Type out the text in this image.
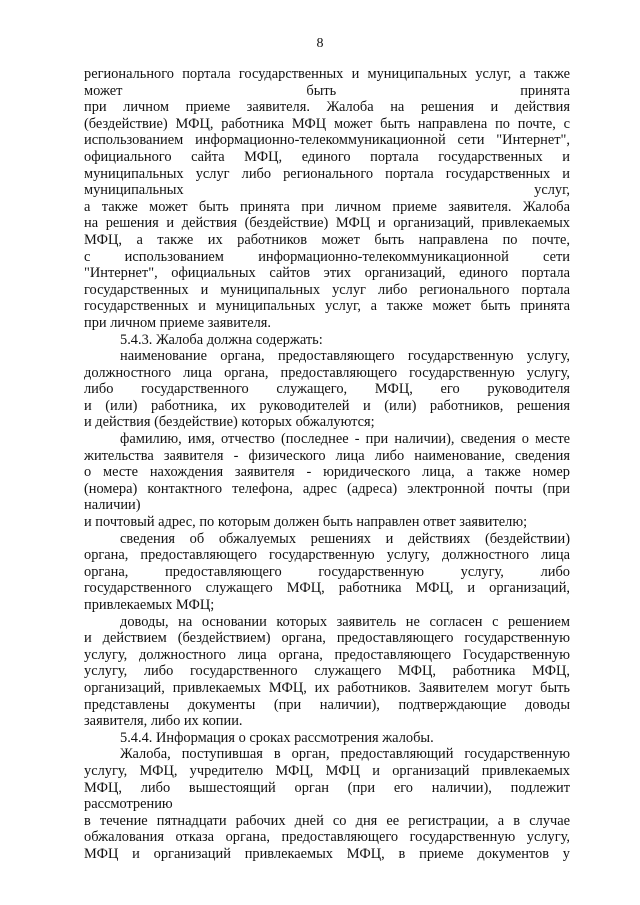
8
регионального портала государственных и муниципальных услуг, а также
может быть принята
при личном приеме заявителя. Жалоба на решения и действия
(бездействие) МФЦ, работника МФЦ может быть направлена по почте, с
использованием информационно-телекоммуникационной сети "Интернет",
официального сайта МФЦ, единого портала государственных и
муниципальных услуг либо регионального портала государственных и
муниципальных услуг,
а также может быть принята при личном приеме заявителя. Жалоба
на решения и действия (бездействие) МФЦ и организаций, привлекаемых
МФЦ, а также их работников может быть направлена по почте,
с использованием информационно-телекоммуникационной сети
"Интернет", официальных сайтов этих организаций, единого портала
государственных и муниципальных услуг либо регионального портала
государственных и муниципальных услуг, а также может быть принята
при личном приеме заявителя.
5.4.3. Жалоба должна содержать:
наименование органа, предоставляющего государственную услугу,
должностного лица органа, предоставляющего государственную услугу,
либо государственного служащего, МФЦ, его руководителя
и (или) работника, их руководителей и (или) работников, решения
и действия (бездействие) которых обжалуются;
фамилию, имя, отчество (последнее - при наличии), сведения о месте
жительства заявителя - физического лица либо наименование, сведения
о месте нахождения заявителя - юридического лица, а также номер
(номера) контактного телефона, адрес (адреса) электронной почты (при
наличии)
и почтовый адрес, по которым должен быть направлен ответ заявителю;
сведения об обжалуемых решениях и действиях (бездействии)
органа, предоставляющего государственную услугу, должностного лица
органа, предоставляющего государственную услугу, либо
государственного служащего МФЦ, работника МФЦ, и организаций,
привлекаемых МФЦ;
доводы, на основании которых заявитель не согласен с решением
и действием (бездействием) органа, предоставляющего государственную
услугу, должностного лица органа, предоставляющего Государственную
услугу, либо государственного служащего МФЦ, работника МФЦ,
организаций, привлекаемых МФЦ, их работников. Заявителем могут быть
представлены документы (при наличии), подтверждающие доводы
заявителя, либо их копии.
5.4.4. Информация о сроках рассмотрения жалобы.
Жалоба, поступившая в орган, предоставляющий государственную
услугу, МФЦ, учредителю МФЦ, МФЦ и организаций привлекаемых
МФЦ, либо вышестоящий орган (при его наличии), подлежит
рассмотрению
в течение пятнадцати рабочих дней со дня ее регистрации, а в случае
обжалования отказа органа, предоставляющего государственную услугу,
МФЦ и организаций привлекаемых МФЦ, в приеме документов у
